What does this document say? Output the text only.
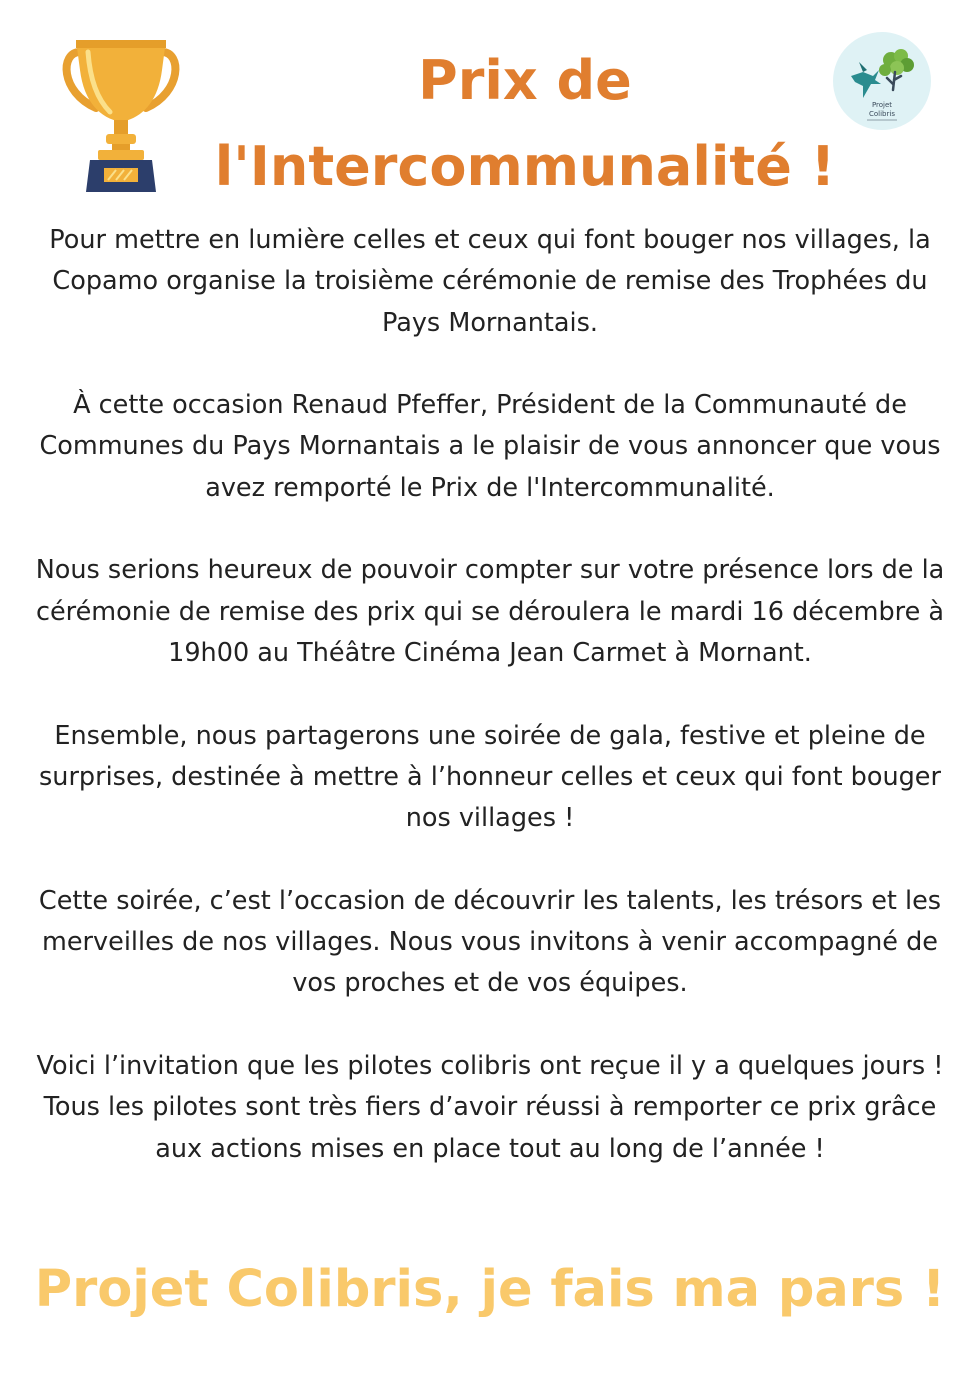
Prix de
l'Intercommunalité !
Projet
Colibris

Pour mettre en lumière celles et ceux qui font bouger nos villages, la Copamo organise la troisième cérémonie de remise des Trophées du Pays Mornantais.

À cette occasion Renaud Pfeffer, Président de la Communauté de Communes du Pays Mornantais a le plaisir de vous annoncer que vous avez remporté le Prix de l'Intercommunalité.

Nous serions heureux de pouvoir compter sur votre présence lors de la cérémonie de remise des prix qui se déroulera le mardi 16 décembre à 19h00 au Théâtre Cinéma Jean Carmet à Mornant.

Ensemble, nous partagerons une soirée de gala, festive et pleine de surprises, destinée à mettre à l’honneur celles et ceux qui font bouger nos villages !

Cette soirée, c’est l’occasion de découvrir les talents, les trésors et les merveilles de nos villages. Nous vous invitons à venir accompagné de vos proches et de vos équipes.

Voici l’invitation que les pilotes colibris ont reçue il y a quelques jours ! Tous les pilotes sont très fiers d’avoir réussi à remporter ce prix grâce aux actions mises en place tout au long de l’année !

Projet Colibris, je fais ma pars !
